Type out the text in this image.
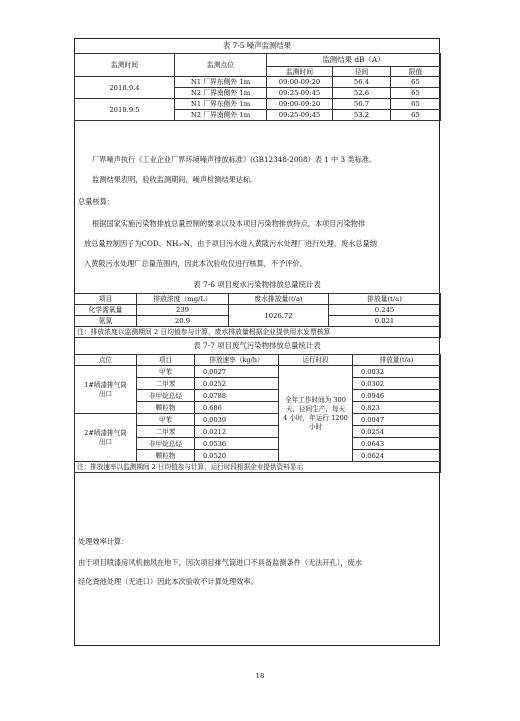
表 7-5 噪声监测结果
监测时间	监测点位	监测结果 dB（A）		
		监测时间	径间	限值
2018.9.4	N1 厂界东侧外 1m	09:00-09:20	56.4	65
	N2 厂界南侧外 1m	09:25-09:45	52.6	65
2018.9.5	N1 厂界东侧外 1m	09:00-09:20	56.7	65
	N2 厂界南侧外 1m	09:25-09:45	53.2	65
厂界噪声执行《工业企业厂界环境噪声排放标准》(GB12348-2008）表 1 中 3 类标准。
监测结果表明，验收监测期间，噪声检测结果达标。
总量核算：
根据国家实施污染物排放总量控制的要求以及本项目污染物排放特点，本项目污染物排
放总量控制因子为COD、NH₃-N，由于项目污水进入黄陂污水处理厂进行处理，废水总量纳
入黄陂污水处理厂总量范围内，因此本次验收仅进行核算，不予评价。
表 7-6 项目废水污染物排放总量统计表
项目	排放浓度（mg/L）	废水排放量(t/a)	排放量(t/a)
化学需氧量	239	1026.72	0.245
氨氮	20.9		0.021
注：排放浓度以监测期间 2 日均值参与计算，废水排放量根据企业提供用水发票核算			
表 7-7 项目废气污染物排放总量统计表
点位	项目	排放速率（kg/h）	运行时段	排放量(t/a)
1#喷漆排气筒出口	甲苯	0.0027	全年工作时间为 300 天，径间生产，每天 4 小时，年运行 1200 小时	0.0032
	二甲苯	0.0252		0.0302
	非甲烷总烃	0.0788		0.0946
	颗粒物	0.686		0.823
2#喷漆排气筒出口	甲苯	0.0039		0.0047
	二甲苯	0.0212		0.0254
	非甲烷总烃	0.0536		0.0643
	颗粒物	0.0520		0.0624
注：排放速率以监测期间 2 日均值参与计算，运行时段根据企业提供资料显示				
处理效率计算：
由于项目喷漆房风机抽风在地下，因次项目排气筒进口不具备监测条件（无法开孔），废水
经化粪池处理（无进口）因此本次验收不计算处理效率。
18
